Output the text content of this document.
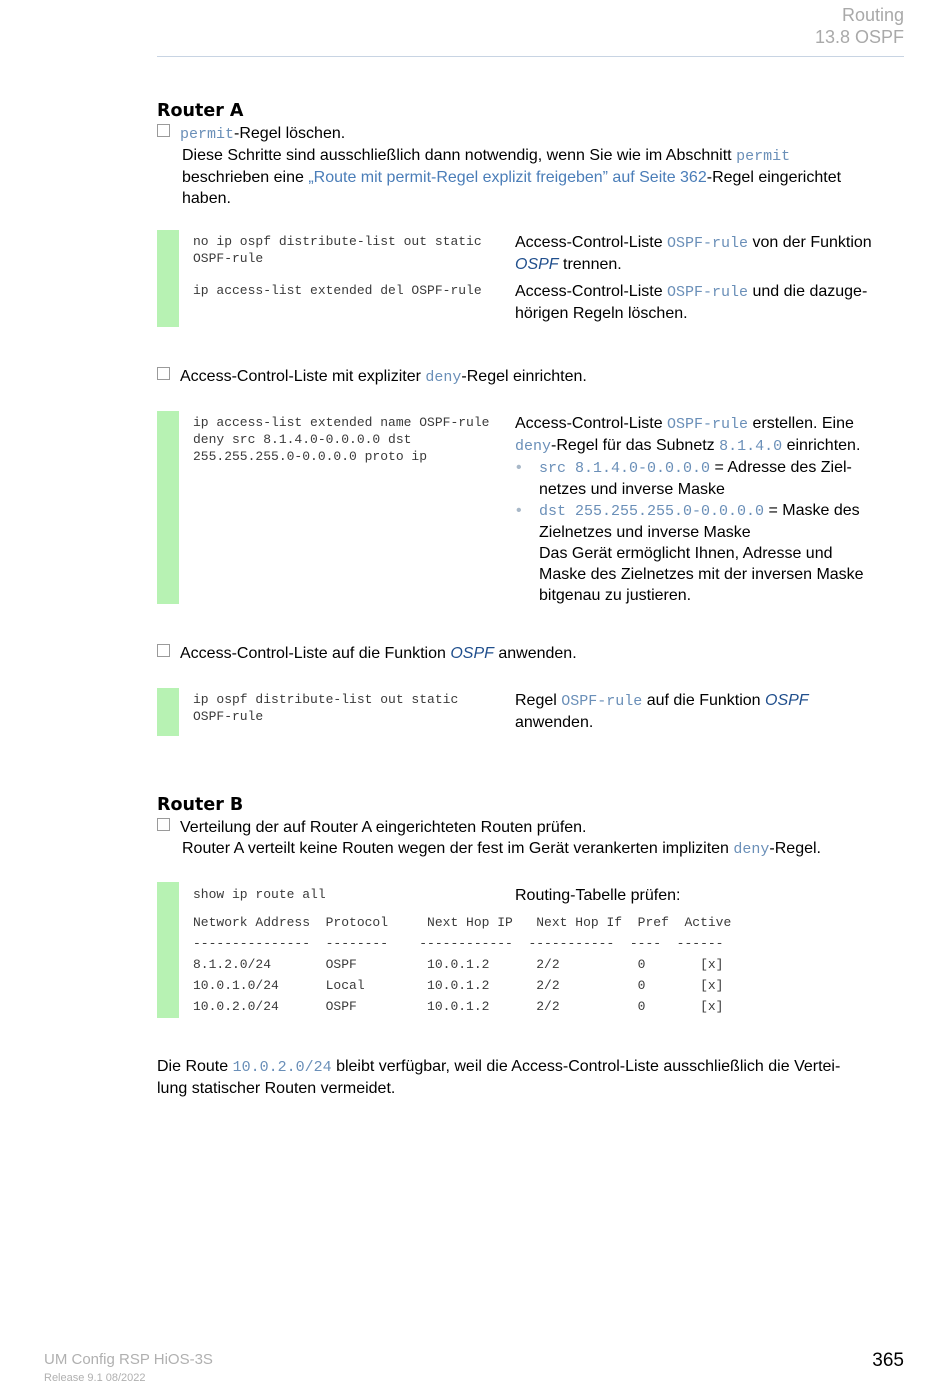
Routing
13.8 OSPF
Router A
permit-Regel löschen.
Diese Schritte sind ausschließlich dann notwendig, wenn Sie wie im Abschnitt permit
beschrieben eine „Route mit permit-Regel explizit freigeben” auf Seite 362-Regel eingerichtet
haben.
no ip ospf distribute-list out static
OSPF-rule
Access-Control-Liste OSPF-rule von der Funktion
OSPF trennen.
ip access-list extended del OSPF-rule Access-Control-Liste OSPF-rule und die dazuge-
hörigen Regeln löschen.
Access-Control-Liste mit expliziter deny-Regel einrichten.
ip access-list extended name OSPF-rule
deny src 8.1.4.0-0.0.0.0 dst
255.255.255.0-0.0.0.0 proto ip
Access-Control-Liste OSPF-rule erstellen. Eine
deny-Regel für das Subnetz 8.1.4.0 einrichten.
• src 8.1.4.0-0.0.0.0 = Adresse des Ziel-
netzes und inverse Maske
• dst 255.255.255.0-0.0.0.0 = Maske des
Zielnetzes und inverse Maske
Das Gerät ermöglicht Ihnen, Adresse und
Maske des Zielnetzes mit der inversen Maske
bitgenau zu justieren.
Access-Control-Liste auf die Funktion OSPF anwenden.
ip ospf distribute-list out static
OSPF-rule
Regel OSPF-rule auf die Funktion OSPF
anwenden.
Router B
Verteilung der auf Router A eingerichteten Routen prüfen.
Router A verteilt keine Routen wegen der fest im Gerät verankerten impliziten deny-Regel.
show ip route all	Routing-Tabelle prüfen:
Network Address  Protocol     Next Hop IP   Next Hop If  Pref  Active
---------------  --------    ------------  -----------  ----  ------
8.1.2.0/24       OSPF         10.0.1.2      2/2          0       [x]
10.0.1.0/24      Local        10.0.1.2      2/2          0       [x]
10.0.2.0/24      OSPF         10.0.1.2      2/2          0       [x]
Die Route 10.0.2.0/24 bleibt verfügbar, weil die Access-Control-Liste ausschließlich die Vertei-
lung statischer Routen vermeidet.
UM Config RSP HiOS-3S
Release 9.1 08/2022
365
